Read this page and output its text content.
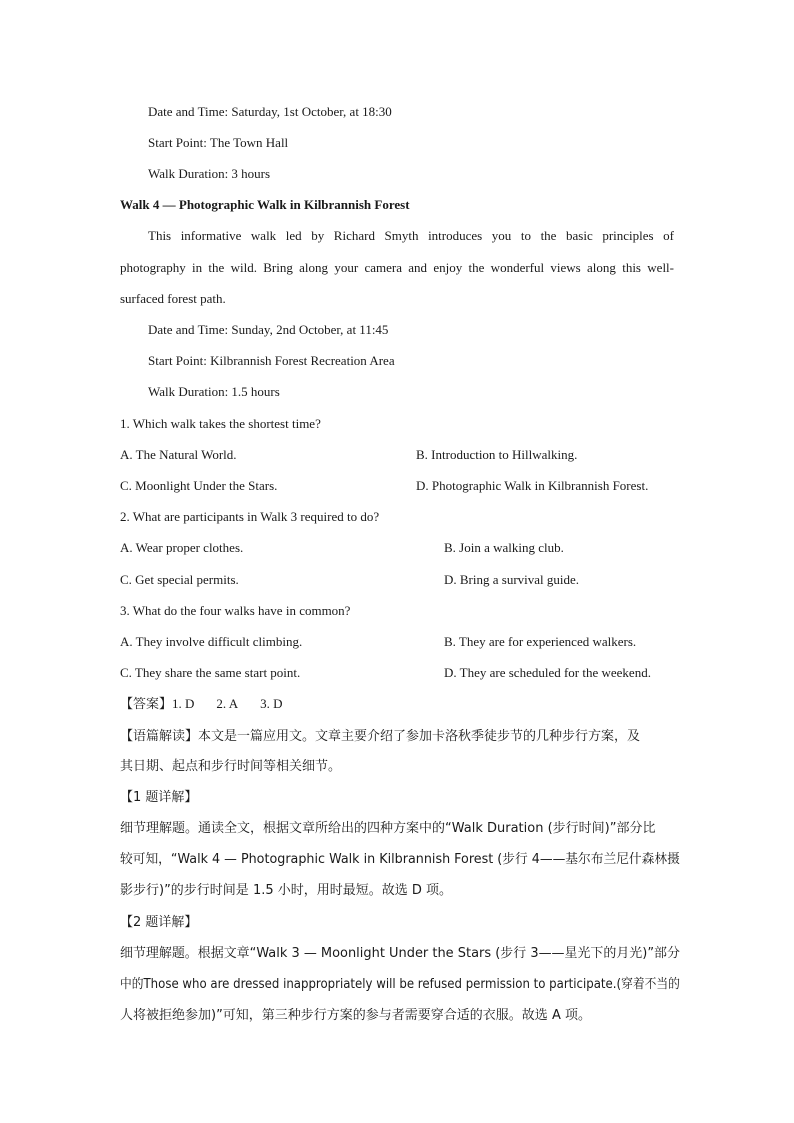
Date and Time: Saturday, 1st October, at 18:30
Start Point: The Town Hall
Walk Duration: 3 hours
Walk 4 — Photographic Walk in Kilbrannish Forest
This informative walk led by Richard Smyth introduces you to the basic principles of
photography in the wild. Bring along your camera and enjoy the wonderful views along this well-
surfaced forest path.
Date and Time: Sunday, 2nd October, at 11:45
Start Point: Kilbrannish Forest Recreation Area
Walk Duration: 1.5 hours
1. Which walk takes the shortest time?
A. The Natural World.	B. Introduction to Hillwalking.
C. Moonlight Under the Stars.	D. Photographic Walk in Kilbrannish Forest.
2. What are participants in Walk 3 required to do?
A. Wear proper clothes.	B. Join a walking club.
C. Get special permits.	D. Bring a survival guide.
3. What do the four walks have in common?
A. They involve difficult climbing.	B. They are for experienced walkers.
C. They share the same start point.	D. They are scheduled for the weekend.
【答案】1. D 2. A 3. D
【语篇解读】本文是一篇应用文。文章主要介绍了参加卡洛秋季徒步节的几种步行方案，及
其日期、起点和步行时间等相关细节。
【1 题详解】
细节理解题。通读全文，根据文章所给出的四种方案中的“Walk Duration (步行时间)”部分比
较可知，“Walk 4 — Photographic Walk in Kilbrannish Forest (步行 4——基尔布兰尼什森林摄
影步行)”的步行时间是 1.5 小时，用时最短。故选 D 项。
【2 题详解】
细节理解题。根据文章“Walk 3 — Moonlight Under the Stars (步行 3——星光下的月光)”部分
中的Those who are dressed inappropriately will be refused permission to participate.(穿着不当的
人将被拒绝参加)”可知，第三种步行方案的参与者需要穿合适的衣服。故选 A 项。
